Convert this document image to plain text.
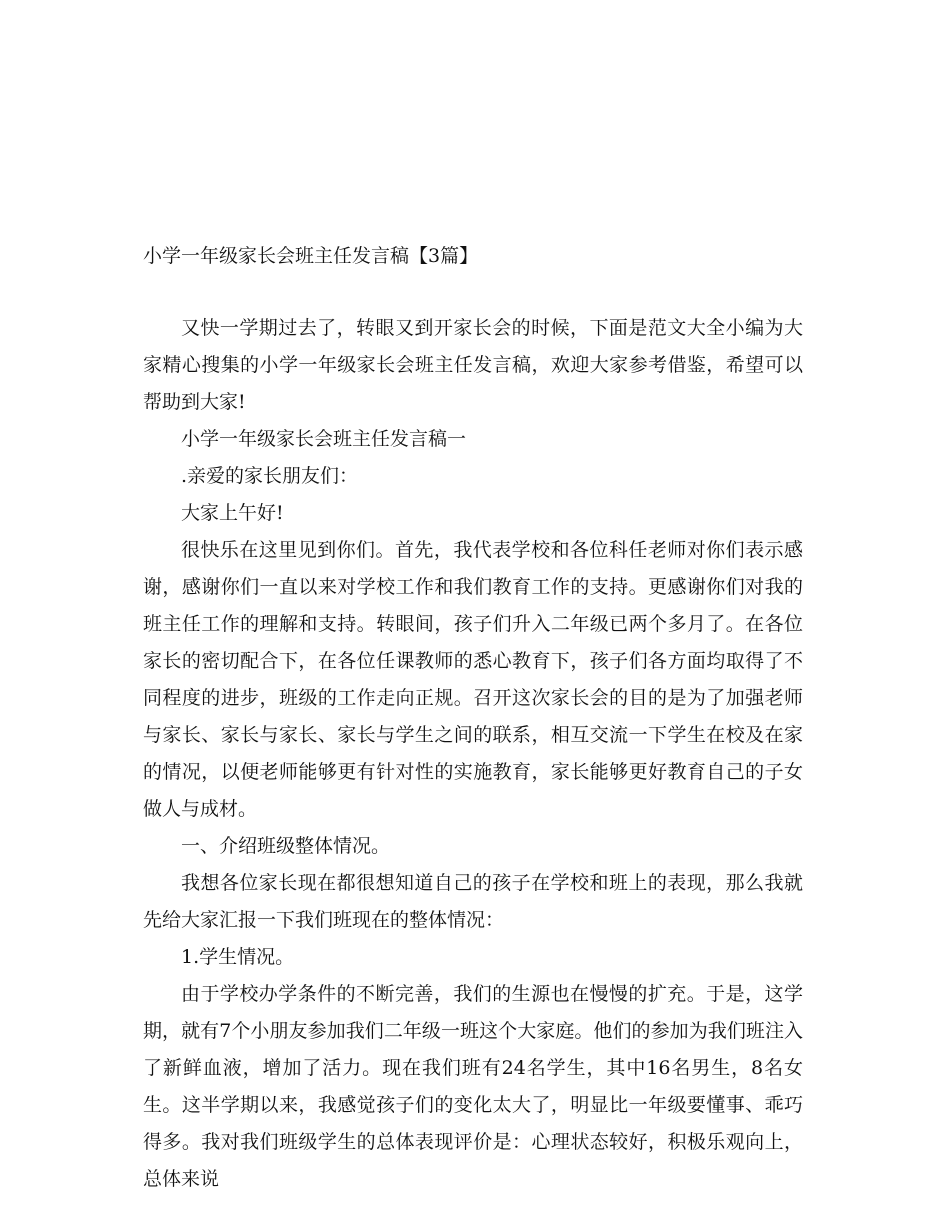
小学一年级家长会班主任发言稿【3篇】

又快一学期过去了，转眼又到开家长会的时候，下面是范文大全小编为大家精心搜集的小学一年级家长会班主任发言稿，欢迎大家参考借鉴，希望可以帮助到大家!

小学一年级家长会班主任发言稿一

.亲爱的家长朋友们：

大家上午好!

很快乐在这里见到你们。首先，我代表学校和各位科任老师对你们表示感谢，感谢你们一直以来对学校工作和我们教育工作的支持。更感谢你们对我的班主任工作的理解和支持。转眼间，孩子们升入二年级已两个多月了。在各位家长的密切配合下，在各位任课教师的悉心教育下，孩子们各方面均取得了不同程度的进步，班级的工作走向正规。召开这次家长会的目的是为了加强老师与家长、家长与家长、家长与学生之间的联系，相互交流一下学生在校及在家的情况，以便老师能够更有针对性的实施教育，家长能够更好教育自己的子女做人与成材。

一、介绍班级整体情况。

我想各位家长现在都很想知道自己的孩子在学校和班上的表现，那么我就先给大家汇报一下我们班现在的整体情况：

1.学生情况。

由于学校办学条件的不断完善，我们的生源也在慢慢的扩充。于是，这学期，就有7个小朋友参加我们二年级一班这个大家庭。他们的参加为我们班注入了新鲜血液，增加了活力。现在我们班有24名学生，其中16名男生，8名女生。这半学期以来，我感觉孩子们的变化太大了，明显比一年级要懂事、乖巧得多。我对我们班级学生的总体表现评价是：心理状态较好，积极乐观向上，总体来说
